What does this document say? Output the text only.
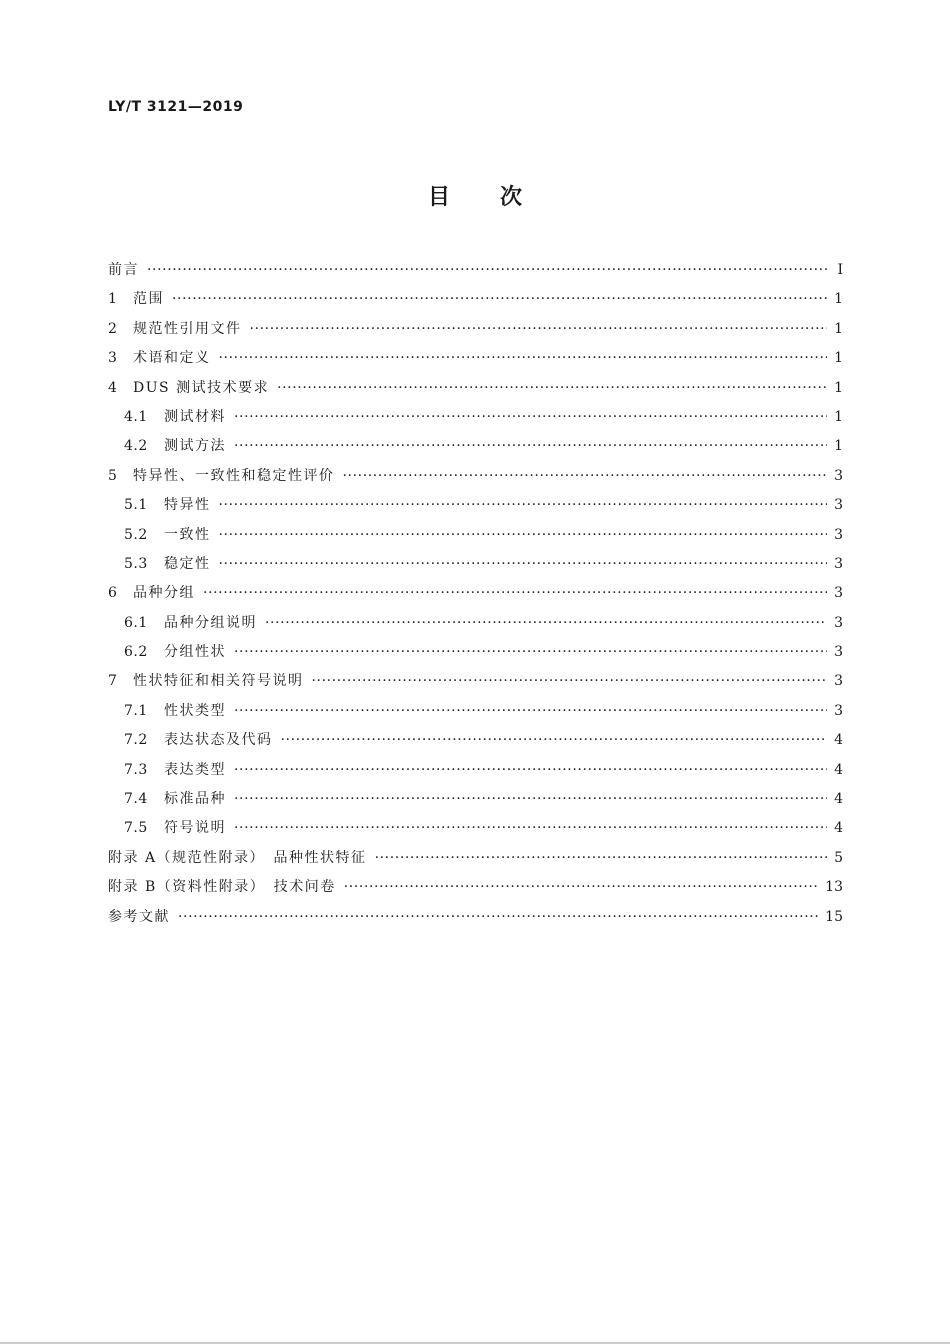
LY/T 3121—2019
目 次
前言 ·····	Ⅰ
1	范围 ·····	1
2	规范性引用文件 ·····	1
3	术语和定义 ·····	1
4	DUS 测试技术要求 ·····	1
4.1	测试材料 ·····	1
4.2	测试方法 ·····	1
5	特异性、一致性和稳定性评价 ·····	3
5.1	特异性 ·····	3
5.2	一致性 ·····	3
5.3	稳定性 ·····	3
6	品种分组 ·····	3
6.1	品种分组说明 ·····	3
6.2	分组性状 ·····	3
7	性状特征和相关符号说明 ·····	3
7.1	性状类型 ·····	3
7.2	表达状态及代码 ·····	4
7.3	表达类型 ·····	4
7.4	标准品种 ·····	4
7.5	符号说明 ·····	4
附录 A（规范性附录）　品种性状特征 ·····	5
附录 B（资料性附录）　技术问卷 ·····	13
参考文献 ·····	15
